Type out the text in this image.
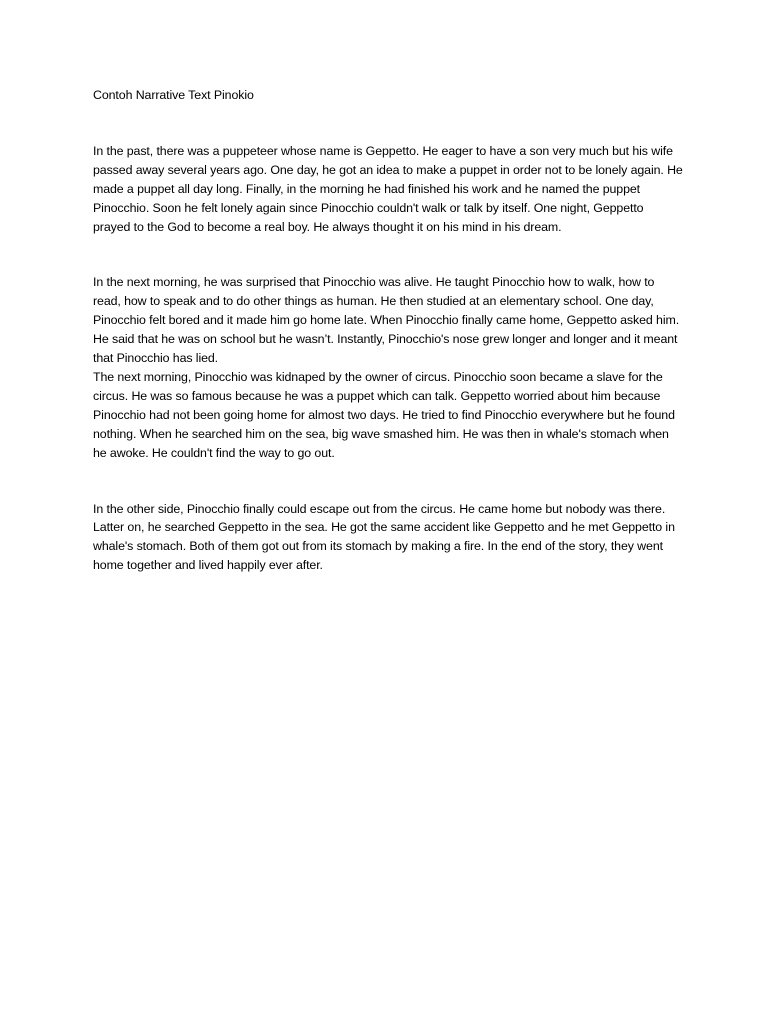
Contoh Narrative Text Pinokio

In the past, there was a puppeteer whose name is Geppetto. He eager to have a son very much but his wife passed away several years ago. One day, he got an idea to make a puppet in order not to be lonely again. He made a puppet all day long. Finally, in the morning he had finished his work and he named the puppet Pinocchio. Soon he felt lonely again since Pinocchio couldn't walk or talk by itself. One night, Geppetto prayed to the God to become a real boy. He always thought it on his mind in his dream.

In the next morning, he was surprised that Pinocchio was alive. He taught Pinocchio how to walk, how to read, how to speak and to do other things as human. He then studied at an elementary school. One day, Pinocchio felt bored and it made him go home late. When Pinocchio finally came home, Geppetto asked him. He said that he was on school but he wasn’t. Instantly, Pinocchio's nose grew longer and longer and it meant that Pinocchio has lied.

The next morning, Pinocchio was kidnaped by the owner of circus. Pinocchio soon became a slave for the circus. He was so famous because he was a puppet which can talk. Geppetto worried about him because Pinocchio had not been going home for almost two days. He tried to find Pinocchio everywhere but he found nothing. When he searched him on the sea, big wave smashed him. He was then in whale's stomach when he awoke. He couldn't find the way to go out.

In the other side, Pinocchio finally could escape out from the circus. He came home but nobody was there. Latter on, he searched Geppetto in the sea. He got the same accident like Geppetto and he met Geppetto in whale's stomach. Both of them got out from its stomach by making a fire. In the end of the story, they went home together and lived happily ever after.
